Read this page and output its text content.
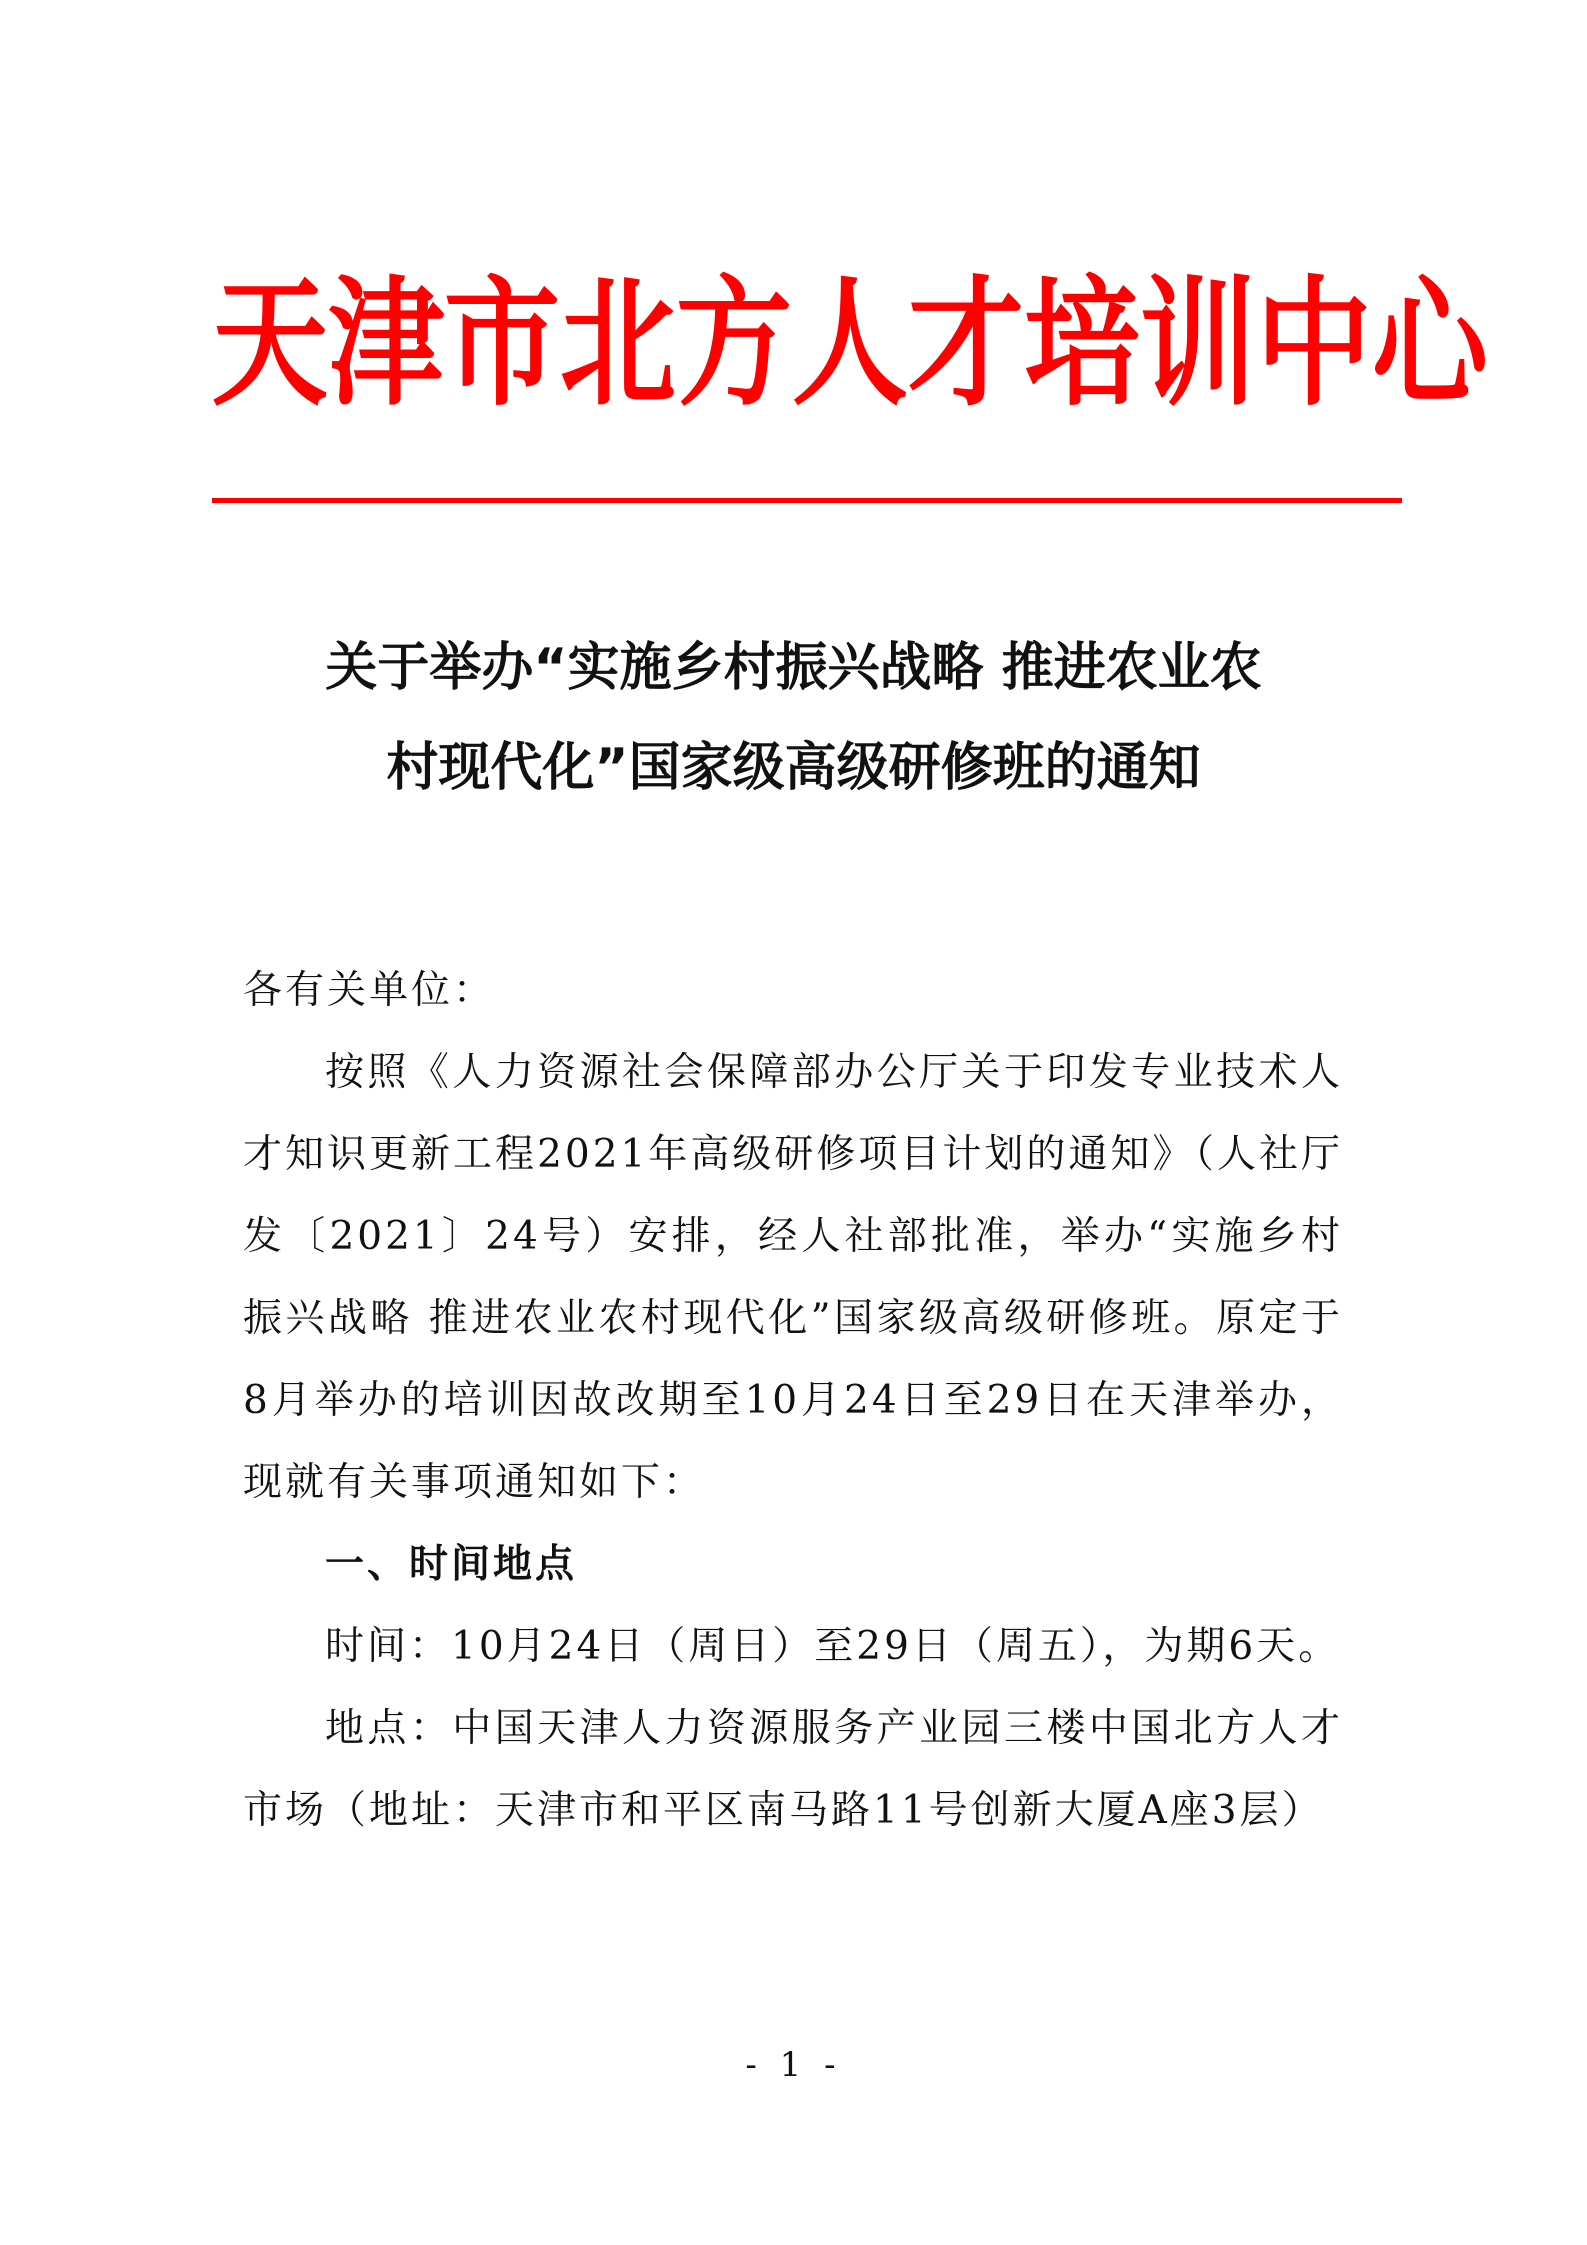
天津市北方人才培训中心
关于举办“实施乡村振兴战略 推进农业农
村现代化”国家级高级研修班的通知

各有关单位：

按照《人力资源社会保障部办公厅关于印发专业技术人才知识更新工程2021年高级研修项目计划的通知》（人社厅发〔2021〕24号）安排，经人社部批准，举办“实施乡村振兴战略 推进农业农村现代化”国家级高级研修班。原定于8月举办的培训因故改期至10月24日至29日在天津举办，现就有关事项通知如下：

一、时间地点

时间：10月24日（周日）至29日（周五），为期6天。

地点：中国天津人力资源服务产业园三楼中国北方人才市场（地址：天津市和平区南马路11号创新大厦A座3层）

- 1 -
